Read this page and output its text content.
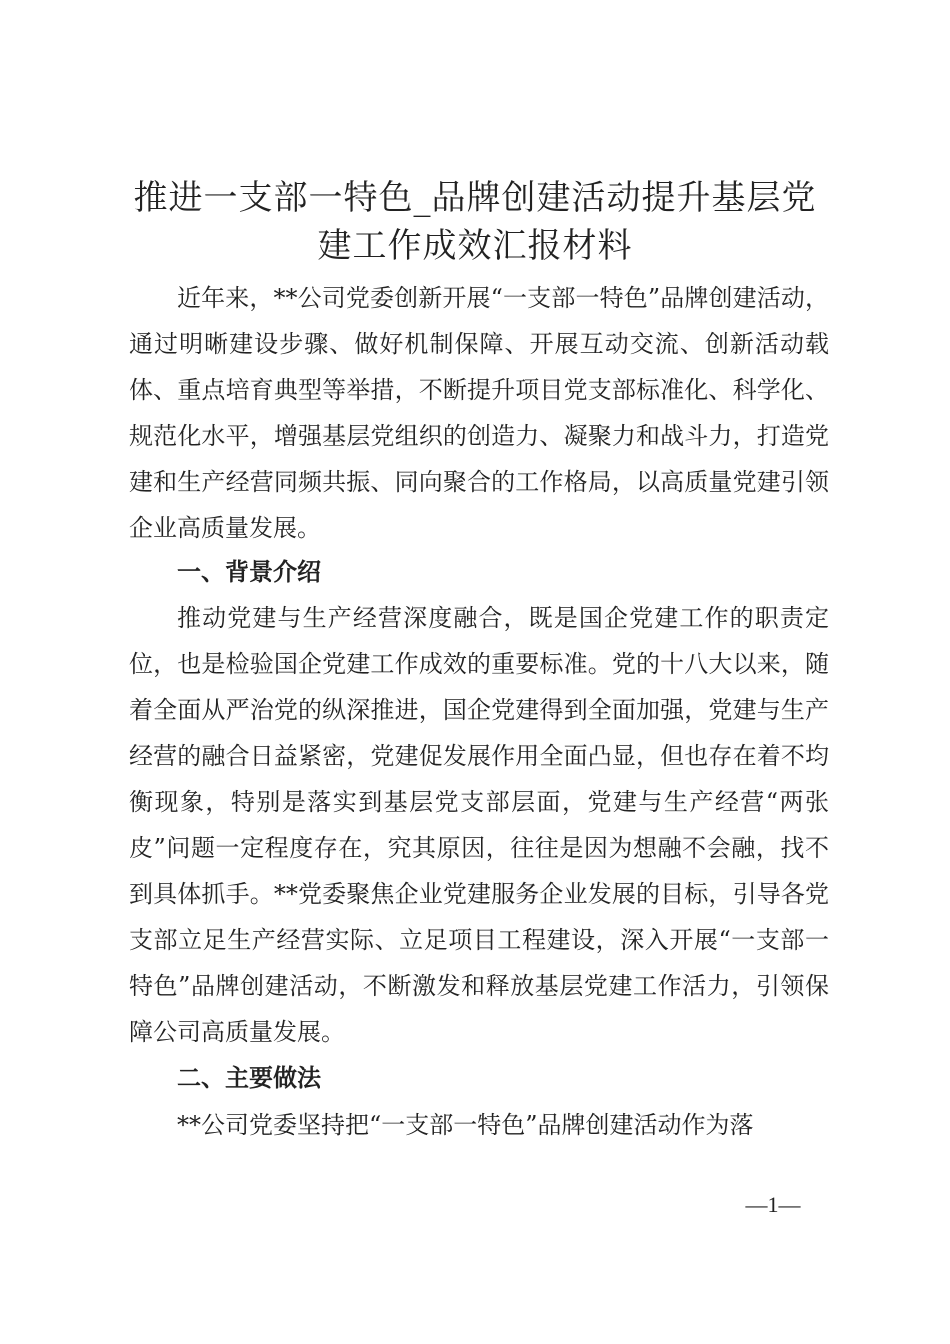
推进一支部一特色_品牌创建活动提升基层党
建工作成效汇报材料
近年来，**公司党委创新开展“一支部一特色”品牌创建活动，通过明晰建设步骤、做好机制保障、开展互动交流、创新活动载体、重点培育典型等举措，不断提升项目党支部标准化、科学化、规范化水平，增强基层党组织的创造力、凝聚力和战斗力，打造党建和生产经营同频共振、同向聚合的工作格局，以高质量党建引领企业高质量发展。
一、背景介绍
推动党建与生产经营深度融合，既是国企党建工作的职责定位，也是检验国企党建工作成效的重要标准。党的十八大以来，随着全面从严治党的纵深推进，国企党建得到全面加强，党建与生产经营的融合日益紧密，党建促发展作用全面凸显，但也存在着不均衡现象，特别是落实到基层党支部层面，党建与生产经营“两张皮”问题一定程度存在，究其原因，往往是因为想融不会融，找不到具体抓手。**党委聚焦企业党建服务企业发展的目标，引导各党支部立足生产经营实际、立足项目工程建设，深入开展“一支部一特色”品牌创建活动，不断激发和释放基层党建工作活力，引领保障公司高质量发展。
二、主要做法
**公司党委坚持把“一支部一特色”品牌创建活动作为落
—1—
